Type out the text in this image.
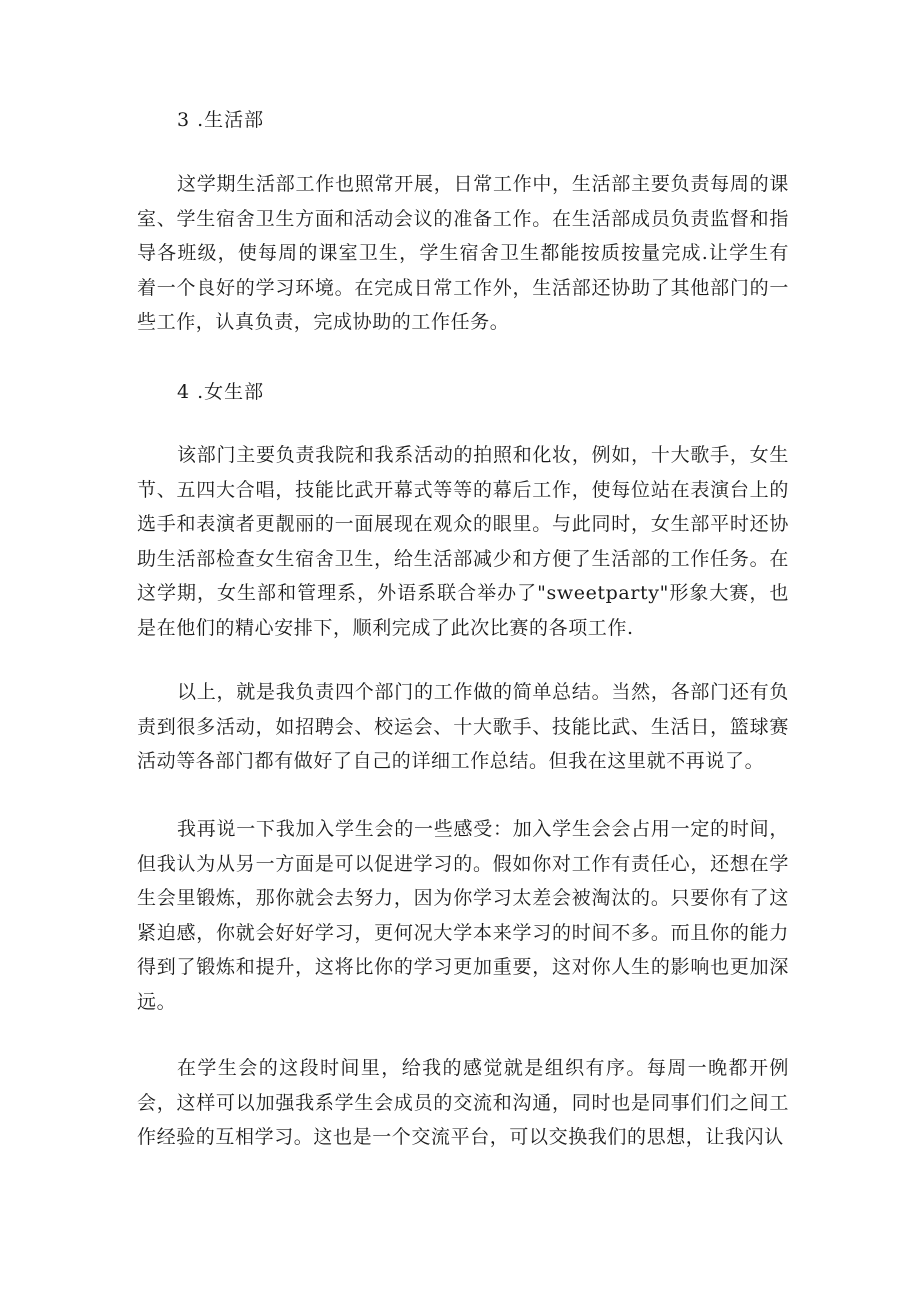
3 .生活部

这学期生活部工作也照常开展，日常工作中，生活部主要负责每周的课室、学生宿舍卫生方面和活动会议的准备工作。在生活部成员负责监督和指导各班级，使每周的课室卫生，学生宿舍卫生都能按质按量完成.让学生有着一个良好的学习环境。在完成日常工作外，生活部还协助了其他部门的一些工作，认真负责，完成协助的工作任务。

4 .女生部

该部门主要负责我院和我系活动的拍照和化妆，例如，十大歌手，女生节、五四大合唱，技能比武开幕式等等的幕后工作，使每位站在表演台上的选手和表演者更靓丽的一面展现在观众的眼里。与此同时，女生部平时还协助生活部检查女生宿舍卫生，给生活部减少和方便了生活部的工作任务。在这学期，女生部和管理系，外语系联合举办了"sweetparty"形象大赛，也是在他们的精心安排下，顺利完成了此次比赛的各项工作.

以上，就是我负责四个部门的工作做的简单总结。当然，各部门还有负责到很多活动，如招聘会、校运会、十大歌手、技能比武、生活日，篮球赛活动等各部门都有做好了自己的详细工作总结。但我在这里就不再说了。

我再说一下我加入学生会的一些感受：加入学生会会占用一定的时间，但我认为从另一方面是可以促进学习的。假如你对工作有责任心，还想在学生会里锻炼，那你就会去努力，因为你学习太差会被淘汰的。只要你有了这紧迫感，你就会好好学习，更何况大学本来学习的时间不多。而且你的能力得到了锻炼和提升，这将比你的学习更加重要，这对你人生的影响也更加深远。

在学生会的这段时间里，给我的感觉就是组织有序。每周一晚都开例会，这样可以加强我系学生会成员的交流和沟通，同时也是同事们们之间工作经验的互相学习。这也是一个交流平台，可以交换我们的思想，让我闪认
